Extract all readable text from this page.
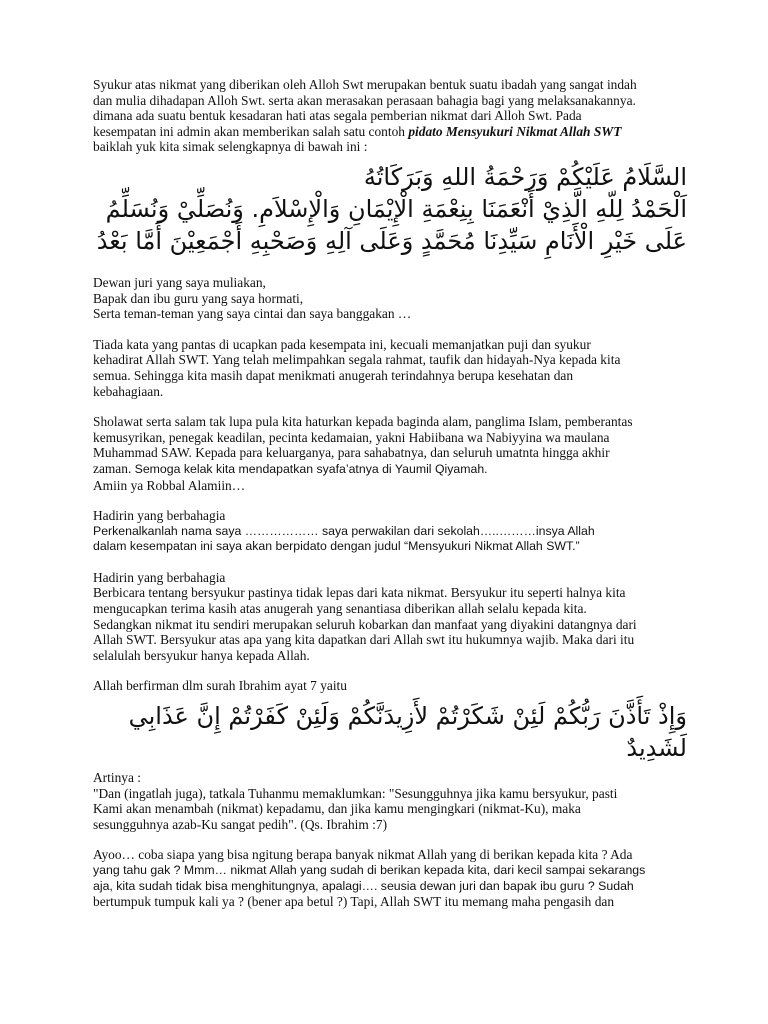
Syukur atas nikmat yang diberikan oleh Alloh Swt merupakan bentuk suatu ibadah yang sangat indah

dan mulia dihadapan Alloh Swt. serta akan merasakan perasaan bahagia bagi yang melaksanakannya.

dimana ada suatu bentuk kesadaran hati atas segala pemberian nikmat dari Alloh Swt. Pada

kesempatan ini admin akan memberikan salah satu contoh pidato Mensyukuri Nikmat Allah SWT

baiklah yuk kita simak selengkapnya di bawah ini :

السَّلَامُ عَلَيْكُمْ وَرَحْمَةُ اللهِ وَبَرَكَاتُهُ

اَلْحَمْدُ لِلّهِ الَّذِيْ أَنْعَمَنَا بِنِعْمَةِ الْإِيْمَانِ وَالْإِسْلاَمِ. وَنُصَلِّيْ وَنُسَلِّمُ

عَلَى خَيْرِ الْأَنَامِ سَيِّدِنَا مُحَمَّدٍ وَعَلَى آلِهِ وَصَحْبِهِ أَجْمَعِيْنَ أَمَّا بَعْدُ

Dewan juri yang saya muliakan,

Bapak dan ibu guru yang saya hormati,

Serta teman-teman yang saya cintai dan saya banggakan …

Tiada kata yang pantas di ucapkan pada kesempata ini, kecuali memanjatkan puji dan syukur

kehadirat Allah SWT. Yang telah melimpahkan segala rahmat, taufik dan hidayah-Nya kepada kita

semua. Sehingga kita masih dapat menikmati anugerah terindahnya berupa kesehatan dan

kebahagiaan.

Sholawat serta salam tak lupa pula kita haturkan kepada baginda alam, panglima Islam, pemberantas

kemusyrikan, penegak keadilan, pecinta kedamaian, yakni Habiibana wa Nabiyyina wa maulana

Muhammad SAW. Kepada para keluarganya, para sahabatnya, dan seluruh umatnta hingga akhir

zaman. Semoga kelak kita mendapatkan syafa’atnya di Yaumil Qiyamah.

Amiin ya Robbal Alamiin…

Hadirin yang berbahagia

Perkenalkanlah nama saya ……………… saya perwakilan dari sekolah…..………insya Allah

dalam kesempatan ini saya akan berpidato dengan judul “Mensyukuri Nikmat Allah SWT.”

Hadirin yang berbahagia

Berbicara tentang bersyukur pastinya tidak lepas dari kata nikmat. Bersyukur itu seperti halnya kita

mengucapkan terima kasih atas anugerah yang senantiasa diberikan allah selalu kepada kita.

Sedangkan nikmat itu sendiri merupakan seluruh kobarkan dan manfaat yang diyakini datangnya dari

Allah SWT. Bersyukur atas apa yang kita dapatkan dari Allah swt itu hukumnya wajib. Maka dari itu

selalulah bersyukur hanya kepada Allah.

Allah berfirman dlm surah Ibrahim ayat 7 yaitu

وَإِذْ تَأَذَّنَ رَبُّكُمْ لَئِنْ شَكَرْتُمْ لأَزِيدَنَّكُمْ وَلَئِنْ كَفَرْتُمْ إِنَّ عَذَابِي

لَشَدِيدٌ

Artinya :

"Dan (ingatlah juga), tatkala Tuhanmu memaklumkan: "Sesungguhnya jika kamu bersyukur, pasti

Kami akan menambah (nikmat) kepadamu, dan jika kamu mengingkari (nikmat-Ku), maka

sesungguhnya azab-Ku sangat pedih". (Qs. Ibrahim :7)

Ayoo… coba siapa yang bisa ngitung berapa banyak nikmat Allah yang di berikan kepada kita ? Ada

yang tahu gak ? Mmm… nikmat Allah yang sudah di berikan kepada kita, dari kecil sampai sekarangs

aja, kita sudah tidak bisa menghitungnya, apalagi…. seusia dewan juri dan bapak ibu guru ? Sudah

bertumpuk tumpuk kali ya ? (bener apa betul ?) Tapi, Allah SWT itu memang maha pengasih dan
